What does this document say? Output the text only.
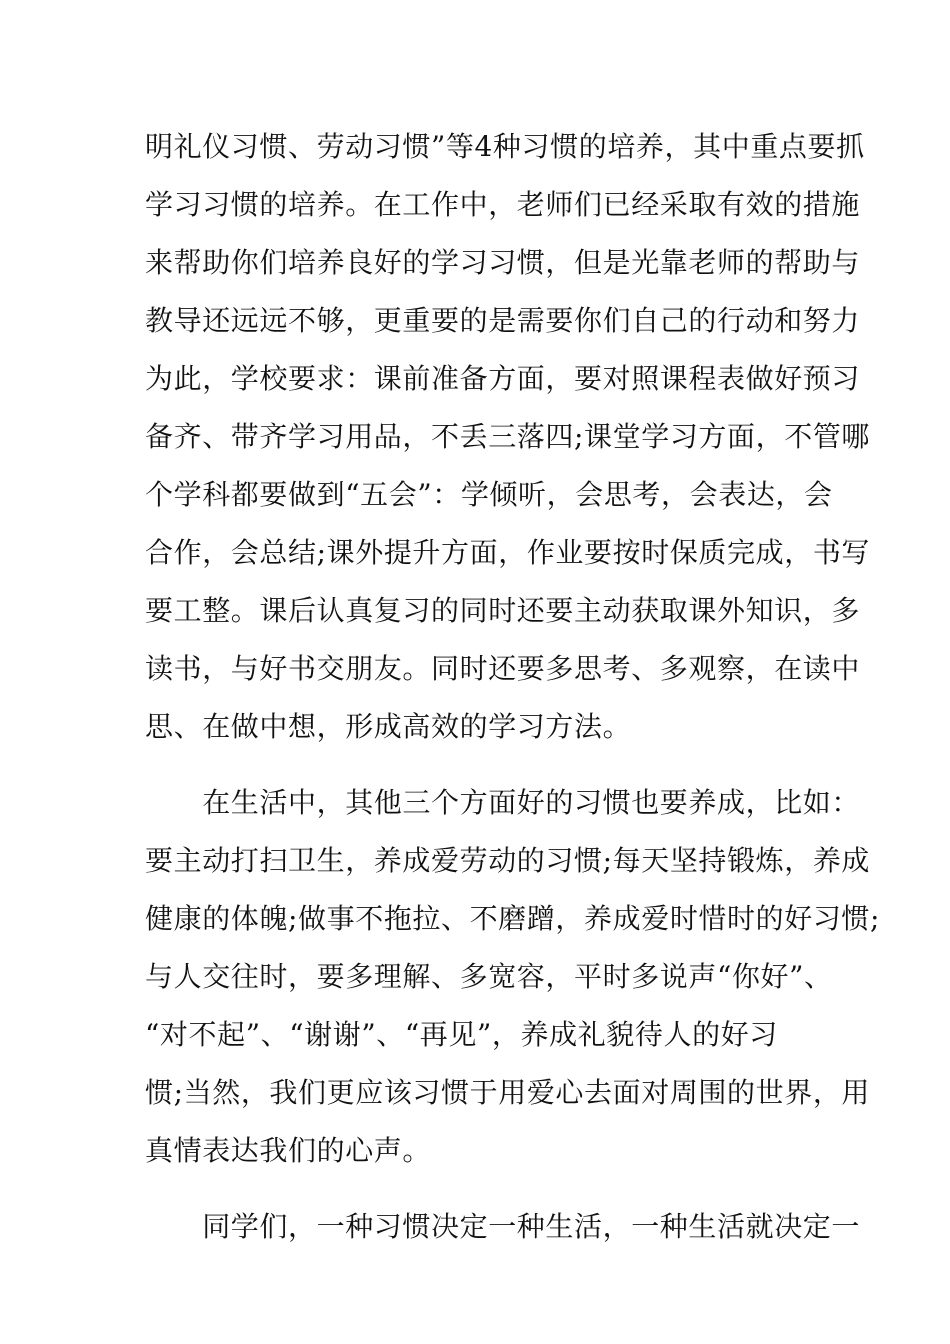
明礼仪习惯、劳动习惯”等4种习惯的培养，其中重点要抓
学习习惯的培养。在工作中，老师们已经采取有效的措施
来帮助你们培养良好的学习习惯，但是光靠老师的帮助与
教导还远远不够，更重要的是需要你们自己的行动和努力
为此，学校要求：课前准备方面，要对照课程表做好预习
备齐、带齐学习用品，不丢三落四;课堂学习方面，不管哪
个学科都要做到“五会”：学倾听，会思考，会表达，会
合作，会总结;课外提升方面，作业要按时保质完成，书写
要工整。课后认真复习的同时还要主动获取课外知识，多
读书，与好书交朋友。同时还要多思考、多观察，在读中
思、在做中想，形成高效的学习方法。
　　在生活中，其他三个方面好的习惯也要养成，比如：
要主动打扫卫生，养成爱劳动的习惯;每天坚持锻炼，养成
健康的体魄;做事不拖拉、不磨蹭，养成爱时惜时的好习惯;
与人交往时，要多理解、多宽容，平时多说声“你好”、
“对不起”、“谢谢”、“再见”，养成礼貌待人的好习
惯;当然，我们更应该习惯于用爱心去面对周围的世界，用
真情表达我们的心声。
　　同学们，一种习惯决定一种生活，一种生活就决定一
